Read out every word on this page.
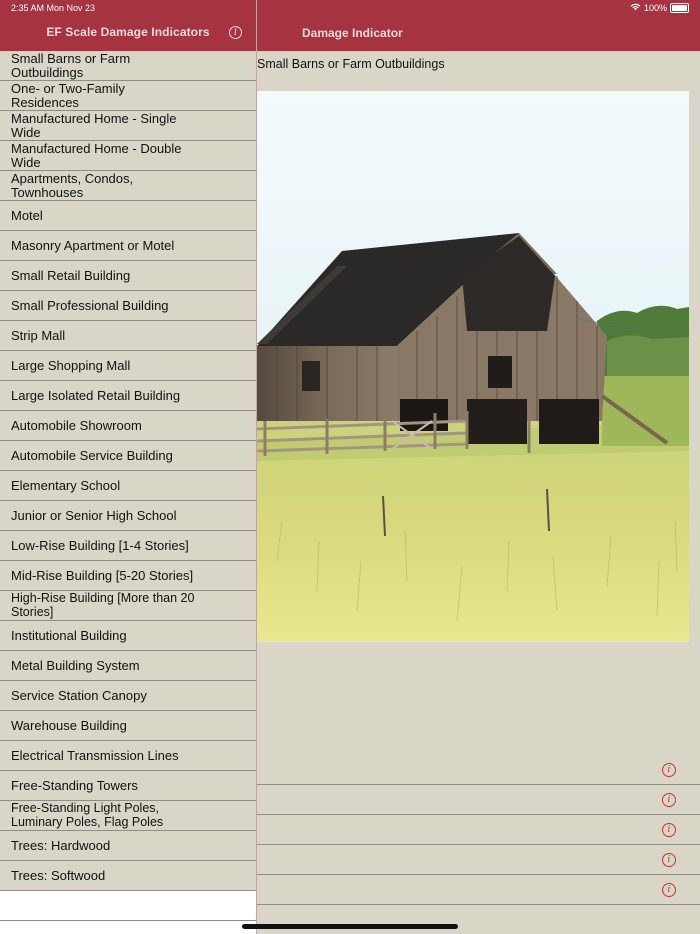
2:35 AM Mon Nov 23	100%
EF Scale Damage Indicators	i	Damage Indicator
Small Barns or Farm Outbuildings
One- or Two-Family Residences
Manufactured Home - Single Wide
Manufactured Home - Double Wide
Apartments, Condos, Townhouses
Motel
Masonry Apartment or Motel
Small Retail Building
Small Professional Building
Strip Mall
Large Shopping Mall
Large Isolated Retail Building
Automobile Showroom
Automobile Service Building
Elementary School
Junior or Senior High School
Low-Rise Building [1-4 Stories]
Mid-Rise Building [5-20 Stories]
High-Rise Building [More than 20 Stories]
Institutional Building
Metal Building System
Service Station Canopy
Warehouse Building
Electrical Transmission Lines
Free-Standing Towers
Free-Standing Light Poles, Luminary Poles, Flag Poles
Trees: Hardwood
Trees: Softwood
Small Barns or Farm Outbuildings
i
i
i
i
i
